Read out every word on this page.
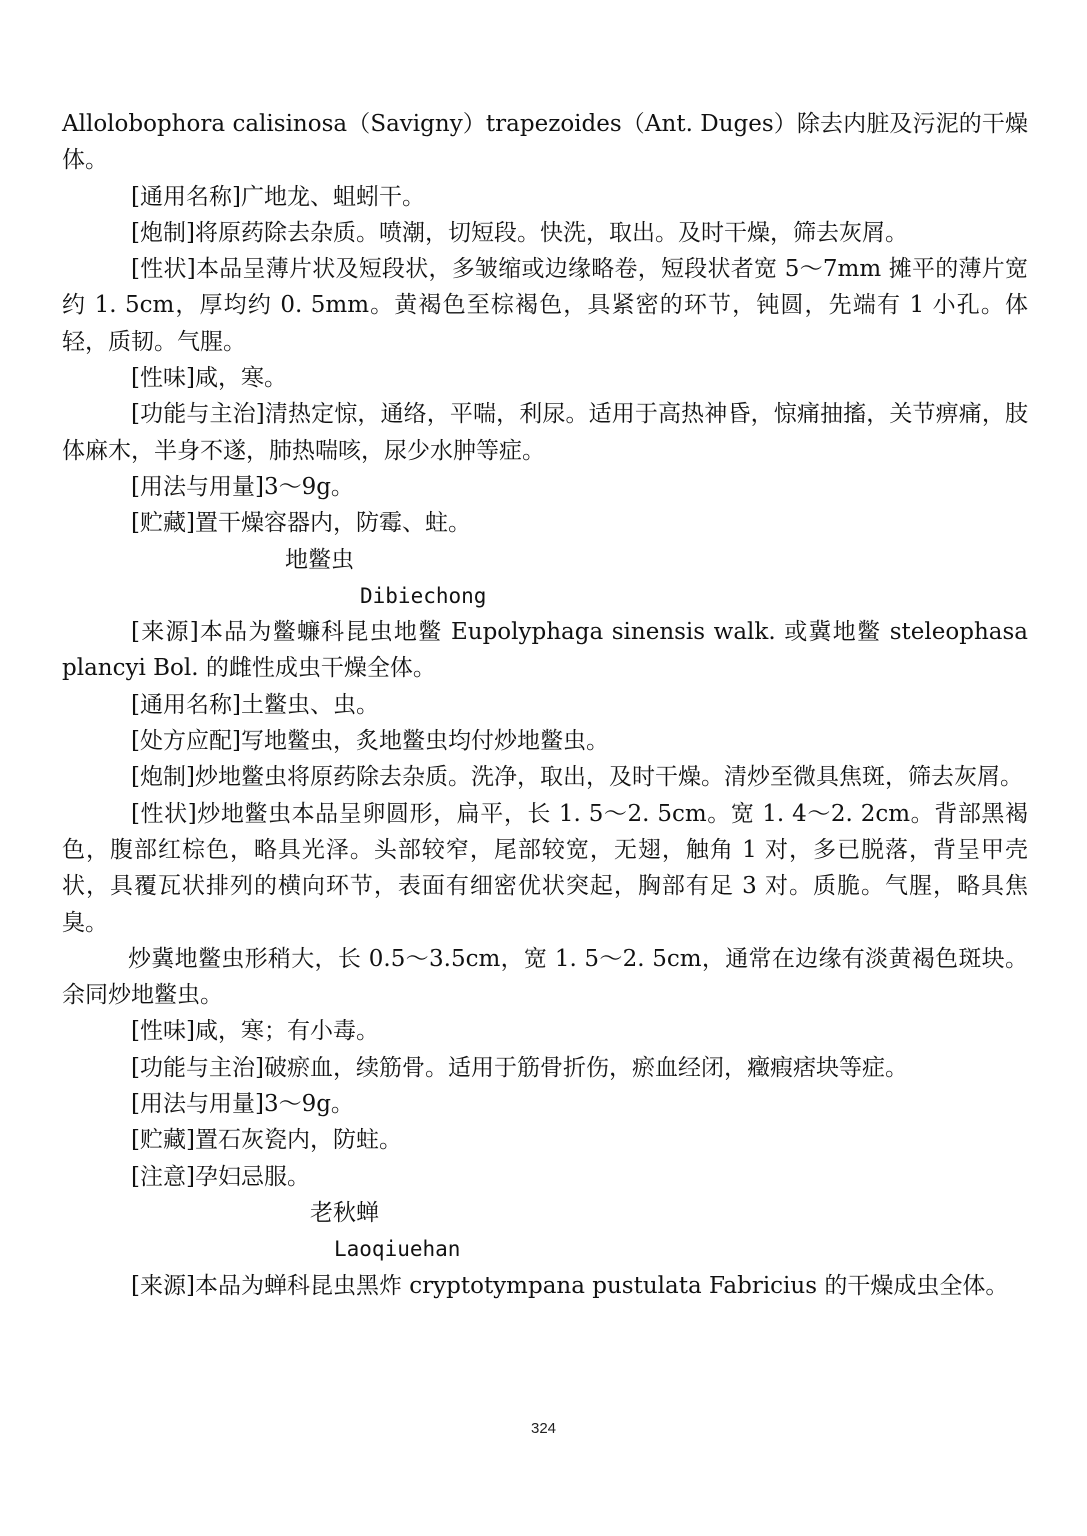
Allolobophora calisinosa（Savigny）trapezoides（Ant. Duges）除去内脏及污泥的干燥体。

[通用名称]广地龙、蛆蚓干。

[炮制]将原药除去杂质。喷潮，切短段。快洗，取出。及时干燥，筛去灰屑。

[性状]本品呈薄片状及短段状，多皱缩或边缘略卷，短段状者宽 5～7mm 摊平的薄片宽约 1. 5cm，厚均约 0. 5mm。黄褐色至棕褐色，具紧密的环节，钝圆，先端有 1 小孔。体轻，质韧。气腥。

[性味]咸，寒。

[功能与主治]清热定惊，通络，平喘，利尿。适用于高热神昏，惊痛抽搐，关节痹痛，肢体麻木，半身不遂，肺热喘咳，尿少水肿等症。

[用法与用量]3～9g。

[贮藏]置干燥容器内，防霉、蛀。

地鳖虫

Dibiechong

[来源]本品为鳖蠊科昆虫地鳖 Eupolyphaga sinensis walk. 或冀地鳖 steleophasa plancyi Bol. 的雌性成虫干燥全体。

[通用名称]土鳖虫、虫。

[处方应配]写地鳖虫，炙地鳖虫均付炒地鳖虫。

[炮制]炒地鳖虫将原药除去杂质。洗净，取出，及时干燥。清炒至微具焦斑，筛去灰屑。

[性状]炒地鳖虫本品呈卵圆形，扁平，长 1. 5～2. 5cm。宽 1. 4～2. 2cm。背部黑褐色，腹部红棕色，略具光泽。头部较窄，尾部较宽，无翅，触角 1 对，多已脱落，背呈甲壳状，具覆瓦状排列的横向环节，表面有细密优状突起，胸部有足 3 对。质脆。气腥，略具焦臭。

炒冀地鳖虫形稍大，长 0.5～3.5cm，宽 1. 5～2. 5cm，通常在边缘有淡黄褐色斑块。余同炒地鳖虫。

[性味]咸，寒；有小毒。

[功能与主治]破瘀血，续筋骨。适用于筋骨折伤，瘀血经闭，癥瘕痞块等症。

[用法与用量]3～9g。

[贮藏]置石灰瓷内，防蛀。

[注意]孕妇忌服。

老秋蝉

Laoqiuehan

[来源]本品为蝉科昆虫黑炸 cryptotympana pustulata Fabricius 的干燥成虫全体。

324
